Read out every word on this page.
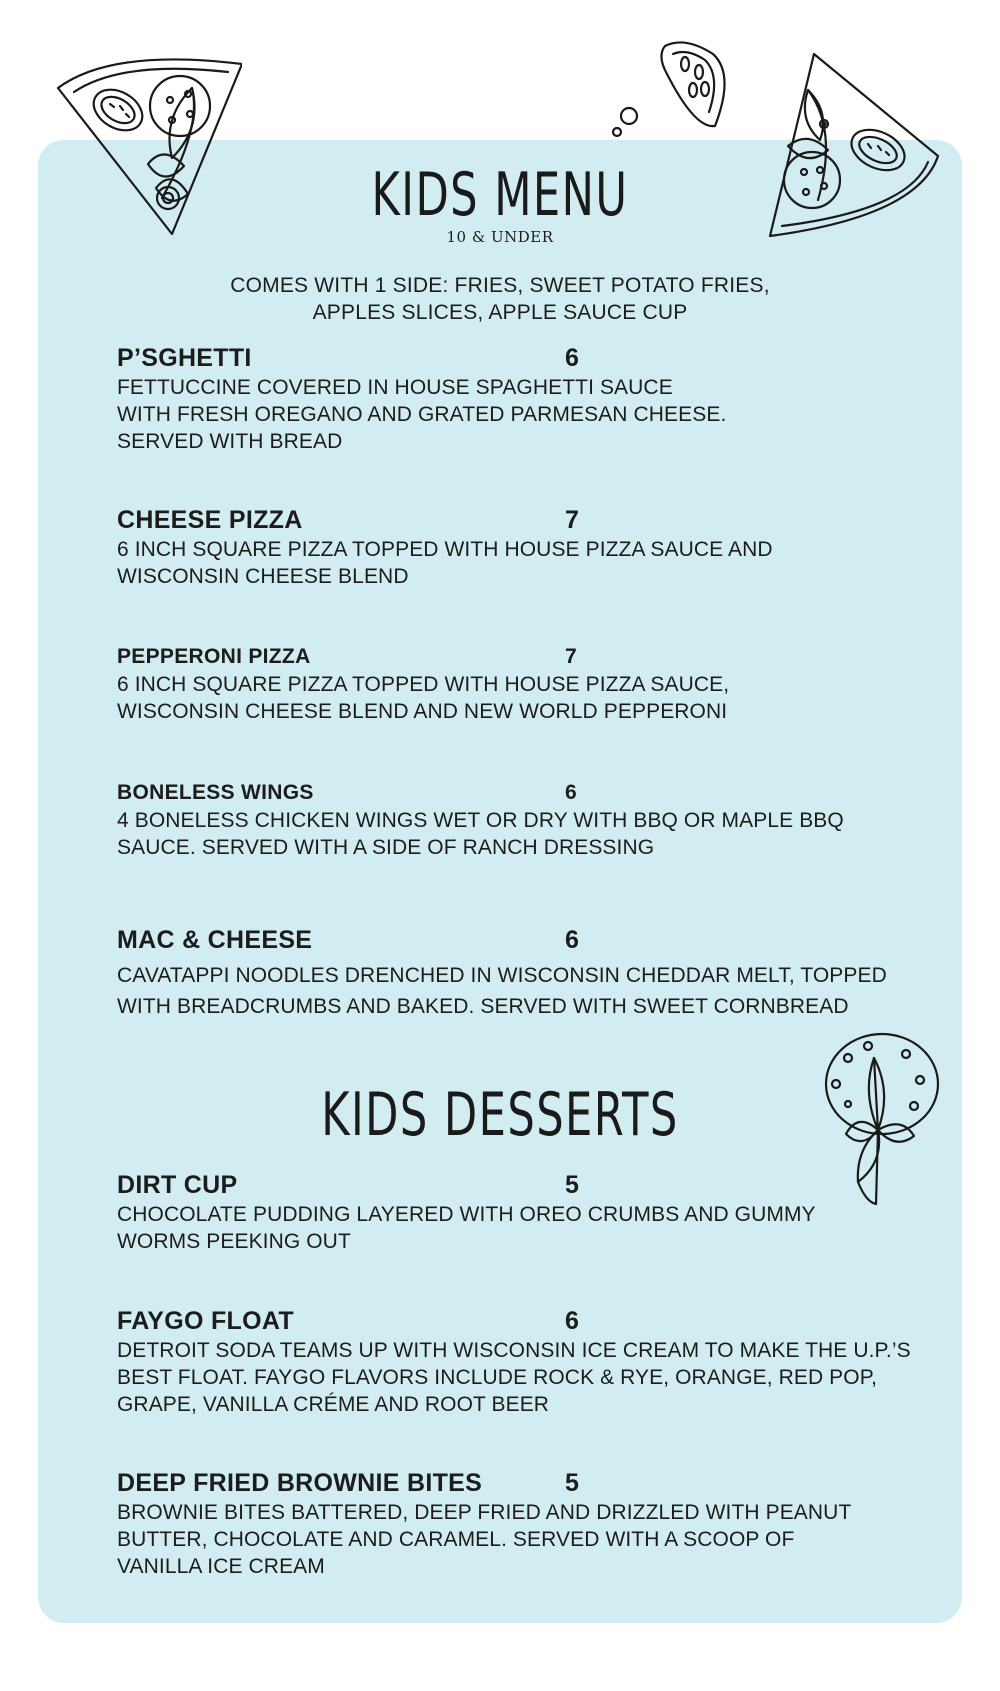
KIDS MENU
10 & UNDER
COMES WITH 1 SIDE: FRIES, SWEET POTATO FRIES,
APPLES SLICES, APPLE SAUCE CUP
P’SGHETTI	6
FETTUCCINE COVERED IN HOUSE SPAGHETTI SAUCE
WITH FRESH OREGANO AND GRATED PARMESAN CHEESE.
SERVED WITH BREAD
CHEESE PIZZA	7
6 INCH SQUARE PIZZA TOPPED WITH HOUSE PIZZA SAUCE AND
WISCONSIN CHEESE BLEND
PEPPERONI PIZZA	7
6 INCH SQUARE PIZZA TOPPED WITH HOUSE PIZZA SAUCE,
WISCONSIN CHEESE BLEND AND NEW WORLD PEPPERONI
BONELESS WINGS	6
4 BONELESS CHICKEN WINGS WET OR DRY WITH BBQ OR MAPLE BBQ
SAUCE. SERVED WITH A SIDE OF RANCH DRESSING
MAC & CHEESE	6
CAVATAPPI NOODLES DRENCHED IN WISCONSIN CHEDDAR MELT, TOPPED
WITH BREADCRUMBS AND BAKED. SERVED WITH SWEET CORNBREAD
KIDS DESSERTS
DIRT CUP	5
CHOCOLATE PUDDING LAYERED WITH OREO CRUMBS AND GUMMY
WORMS PEEKING OUT
FAYGO FLOAT	6
DETROIT SODA TEAMS UP WITH WISCONSIN ICE CREAM TO MAKE THE U.P.’S
BEST FLOAT. FAYGO FLAVORS INCLUDE ROCK & RYE, ORANGE, RED POP,
GRAPE, VANILLA CRÉME AND ROOT BEER
DEEP FRIED BROWNIE BITES	5
BROWNIE BITES BATTERED, DEEP FRIED AND DRIZZLED WITH PEANUT
BUTTER, CHOCOLATE AND CARAMEL. SERVED WITH A SCOOP OF
VANILLA ICE CREAM
